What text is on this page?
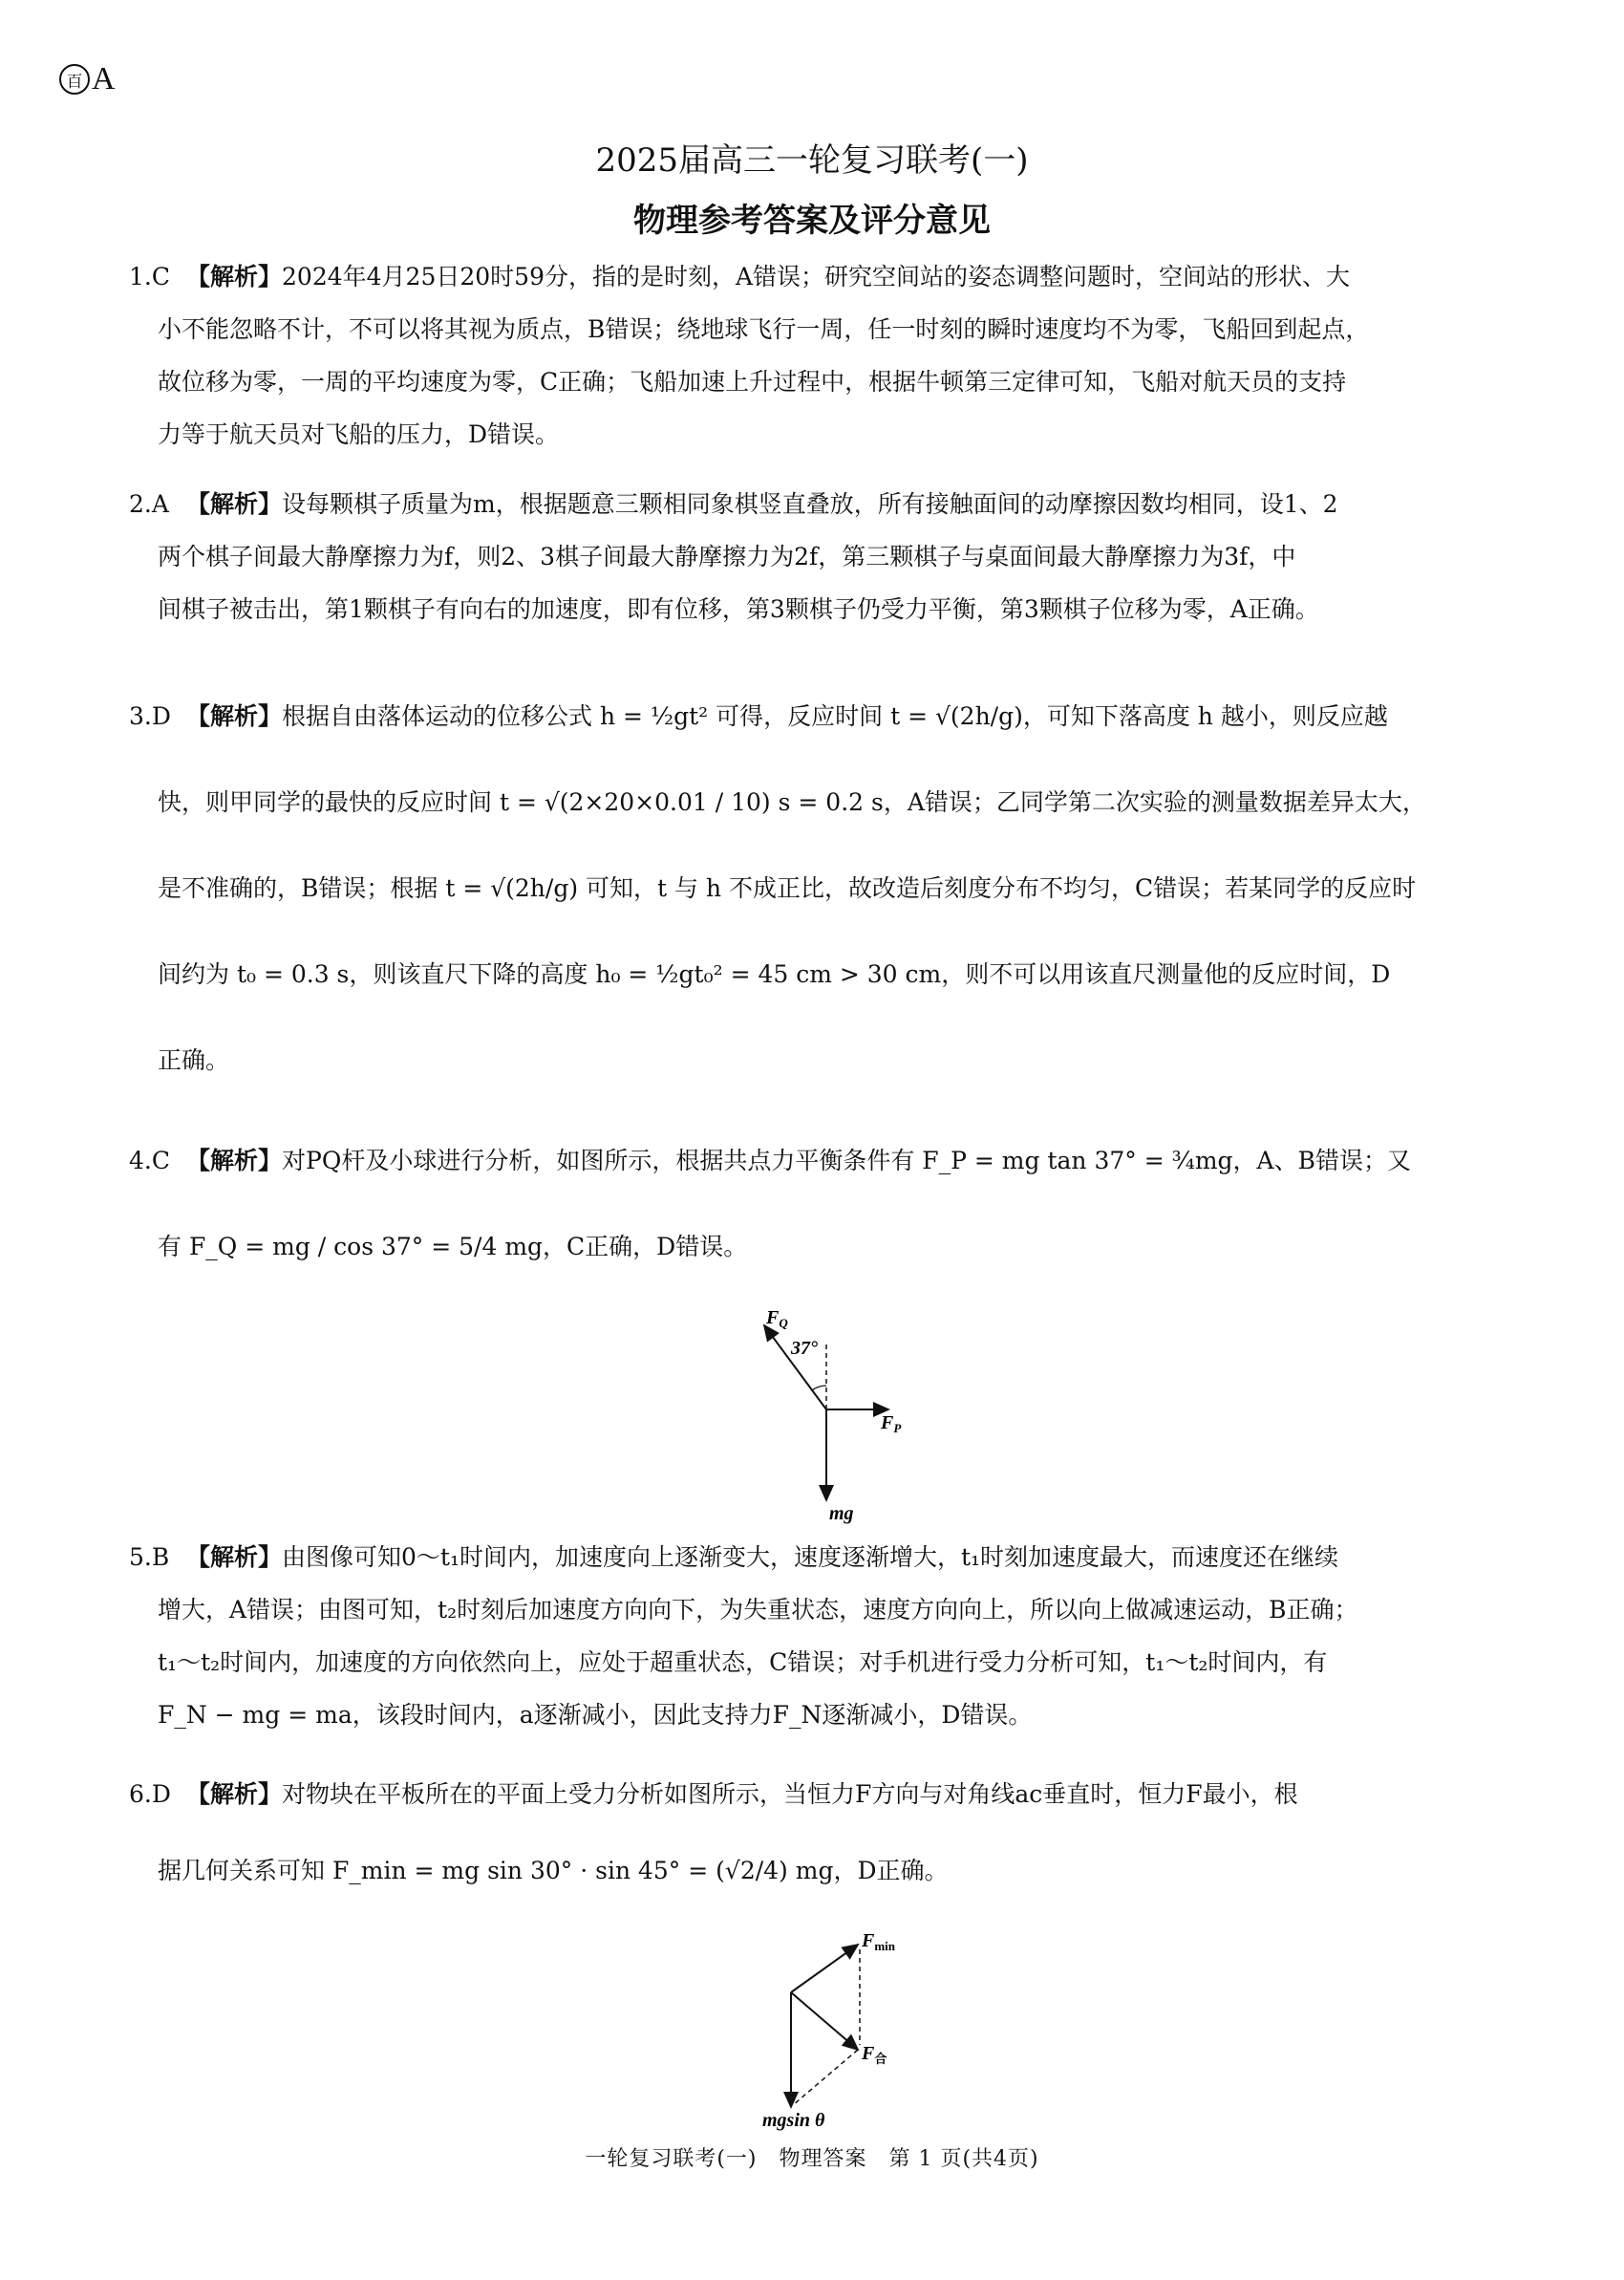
百 A
2025届高三一轮复习联考(一)
物理参考答案及评分意见

1.C 【解析】2024年4月25日20时59分，指的是时刻，A错误；研究空间站的姿态调整问题时，空间站的形状、大

小不能忽略不计，不可以将其视为质点，B错误；绕地球飞行一周，任一时刻的瞬时速度均不为零，飞船回到起点，

故位移为零，一周的平均速度为零，C正确；飞船加速上升过程中，根据牛顿第三定律可知，飞船对航天员的支持

力等于航天员对飞船的压力，D错误。

2.A 【解析】设每颗棋子质量为m，根据题意三颗相同象棋竖直叠放，所有接触面间的动摩擦因数均相同，设1、2

两个棋子间最大静摩擦力为f，则2、3棋子间最大静摩擦力为2f，第三颗棋子与桌面间最大静摩擦力为3f，中

间棋子被击出，第1颗棋子有向右的加速度，即有位移，第3颗棋子仍受力平衡，第3颗棋子位移为零，A正确。

3.D 【解析】根据自由落体运动的位移公式 h = ½gt² 可得，反应时间 t = √(2h/g)，可知下落高度 h 越小，则反应越

快，则甲同学的最快的反应时间 t = √(2×20×0.01 / 10) s = 0.2 s，A错误；乙同学第二次实验的测量数据差异太大，

是不准确的，B错误；根据 t = √(2h/g) 可知，t 与 h 不成正比，故改造后刻度分布不均匀，C错误；若某同学的反应时

间约为 t₀ = 0.3 s，则该直尺下降的高度 h₀ = ½gt₀² = 45 cm > 30 cm，则不可以用该直尺测量他的反应时间，D

正确。

4.C 【解析】对PQ杆及小球进行分析，如图所示，根据共点力平衡条件有 F_P = mg tan 37° = ¾mg，A、B错误；又

有 F_Q = mg / cos 37° = 5/4 mg，C正确，D错误。

$F_Q$
37°
$F_P$
mg

5.B 【解析】由图像可知0～t₁时间内，加速度向上逐渐变大，速度逐渐增大，t₁时刻加速度最大，而速度还在继续

增大，A错误；由图可知，t₂时刻后加速度方向向下，为失重状态，速度方向向上，所以向上做减速运动，B正确；

t₁～t₂时间内，加速度的方向依然向上，应处于超重状态，C错误；对手机进行受力分析可知，t₁～t₂时间内，有

F_N − mg = ma，该段时间内，a逐渐减小，因此支持力F_N逐渐减小，D错误。

6.D 【解析】对物块在平板所在的平面上受力分析如图所示，当恒力F方向与对角线ac垂直时，恒力F最小，根

据几何关系可知 F_min = mg sin 30° · sin 45° = (√2/4) mg，D正确。

$F_{min}$
$F_合$
mgsin θ
一轮复习联考(一)　物理答案　第 1 页(共4页)
